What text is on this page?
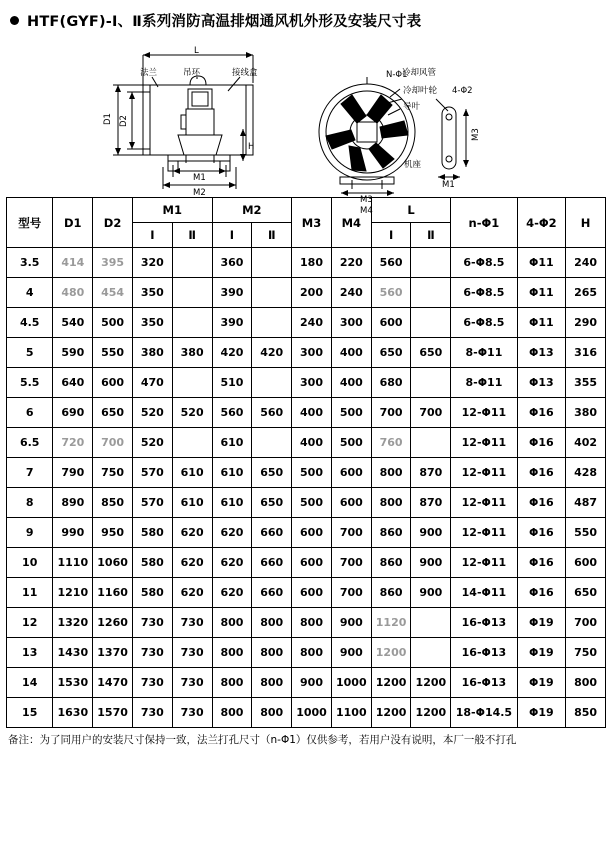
HTF(GYF)-Ⅰ、Ⅱ系列消防高温排烟通风机外形及安装尺寸表
L
D1 D2
H
M1
M2
法兰	吊环	接线盒	N-Φ1
冷却风管
冷却叶轮
导叶
机座
4-Φ2
M3
M4
M1
M3
型号	D1	D2	M1		M2		M3	M4	L		n-Φ1	4-Φ2	H
			Ⅰ	Ⅱ	Ⅰ	Ⅱ			Ⅰ	Ⅱ			
3.5	414	395	320		360		180	220	560		6-Φ8.5	Φ11	240
4	480	454	350		390		200	240	560		6-Φ8.5	Φ11	265
4.5	540	500	350		390		240	300	600		6-Φ8.5	Φ11	290
5	590	550	380	380	420	420	300	400	650	650	8-Φ11	Φ13	316
5.5	640	600	470		510		300	400	680		8-Φ11	Φ13	355
6	690	650	520	520	560	560	400	500	700	700	12-Φ11	Φ16	380
6.5	720	700	520		610		400	500	760		12-Φ11	Φ16	402
7	790	750	570	610	610	650	500	600	800	870	12-Φ11	Φ16	428
8	890	850	570	610	610	650	500	600	800	870	12-Φ11	Φ16	487
9	990	950	580	620	620	660	600	700	860	900	12-Φ11	Φ16	550
10	1110	1060	580	620	620	660	600	700	860	900	12-Φ11	Φ16	600
11	1210	1160	580	620	620	660	600	700	860	900	14-Φ11	Φ16	650
12	1320	1260	730	730	800	800	800	900	1120		16-Φ13	Φ19	700
13	1430	1370	730	730	800	800	800	900	1200		16-Φ13	Φ19	750
14	1530	1470	730	730	800	800	900	1000	1200	1200	16-Φ13	Φ19	800
15	1630	1570	730	730	800	800	1000	1100	1200	1200	18-Φ14.5	Φ19	850
备注：为了同用户的安装尺寸保持一致，法兰打孔尺寸（n-Φ1）仅供参考，若用户没有说明，本厂一般不打孔
